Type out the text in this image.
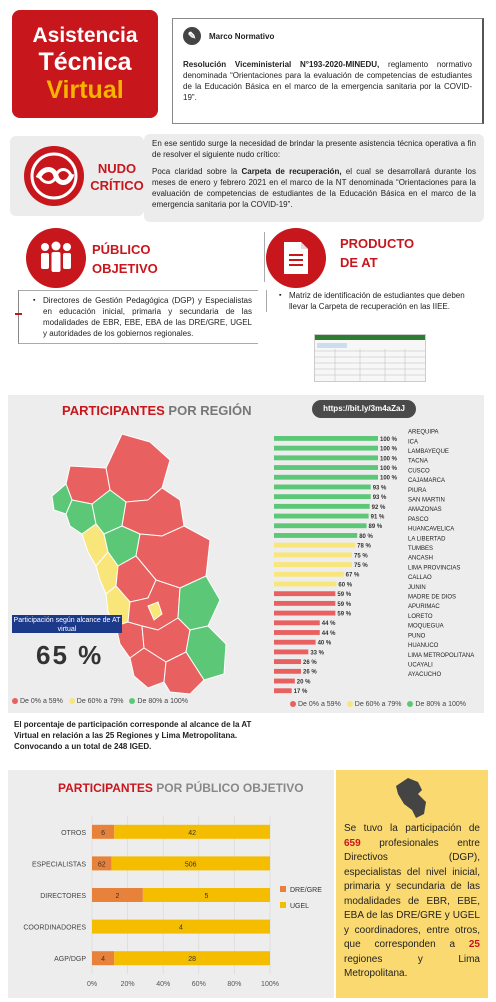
Asistencia
Técnica
Virtual
✎	Marco Normativo
Resolución Viceministerial N°193-2020-MINEDU, reglamento normativo denominada “Orientaciones para la evaluación de competencias de estudiantes de la Educación Básica en el marco de la emergencia sanitaria por la COVID-19”.
NUDO
CRÍTICO

En ese sentido surge la necesidad de brindar la presente asistencia técnica operativa a fin de resolver el siguiente nudo crítico:

Poca claridad sobre la Carpeta de recuperación, el cual se desarrollará durante los meses de enero y febrero 2021 en el marco de la NT denominada “Orientaciones para la evaluación de competencias de estudiantes de la Educación Básica en el marco de la emergencia sanitaria por la COVID-19”.

PÚBLICO
OBJETIVO
PRODUCTO
DE AT
▪ Directores de Gestión Pedagógica (DGP) y Especialistas en educación inicial, primaria y secundaria de las modalidades de EBR, EBE, EBA de las DRE/GRE, UGEL y autoridades de los gobiernos regionales.
▪ Matriz de identificación de estudiantes que deben llevar la Carpeta de recuperación en las IIEE.
PARTICIPANTES POR REGIÓN	https://bit.ly/3m4aZaJ
Participación según alcance de AT virtual
65 %
De 0% a 59% De 60% a 79% De 80% a 100%
100 %
AREQUIPA
100 %
ICA
100 %
LAMBAYEQUE
100 %
TACNA
100 %
CUSCO
93 %
CAJAMARCA
93 %
PIURA
92 %
SAN MARTIN
91 %
AMAZONAS
89 %
PASCO
80 %
HUANCAVELICA
78 %
LA LIBERTAD
75 %
TUMBES
75 %
ANCASH
67 %
LIMA PROVINCIAS
60 %
CALLAO
59 %
JUNIN
59 %
MADRE DE DIOS
59 %
APURIMAC
44 %
LORETO
44 %
MOQUEGUA
40 %
PUNO
33 %
HUANUCO
26 %
LIMA METROPOLITANA
26 %
UCAYALI
20 %
AYACUCHO
17 %
De 0% a 59% De 60% a 79% De 80% a 100%
El porcentaje de participación corresponde al alcance de la AT Virtual en relación a las 25 Regiones y Lima Metropolitana. Convocando a un total de 248 IGED.
PARTICIPANTES POR PÚBLICO OBJETIVO
0%	20%	40%	60%	80%	100%
OTROS 6	42
ESPECIALISTAS 62	506
DIRECTORES	2	5
COORDINADORES	4
AGP/DGP 4	28
DRE/GRE
UGEL
Se tuvo la participación de 659 profesionales entre Directivos (DGP), especialistas del nivel inicial, primaria y secundaria de las modalidades de EBR, EBE, EBA de las DRE/GRE y UGEL y coordinadores, entre otros, que corresponden a 25 regiones y Lima Metropolitana.
